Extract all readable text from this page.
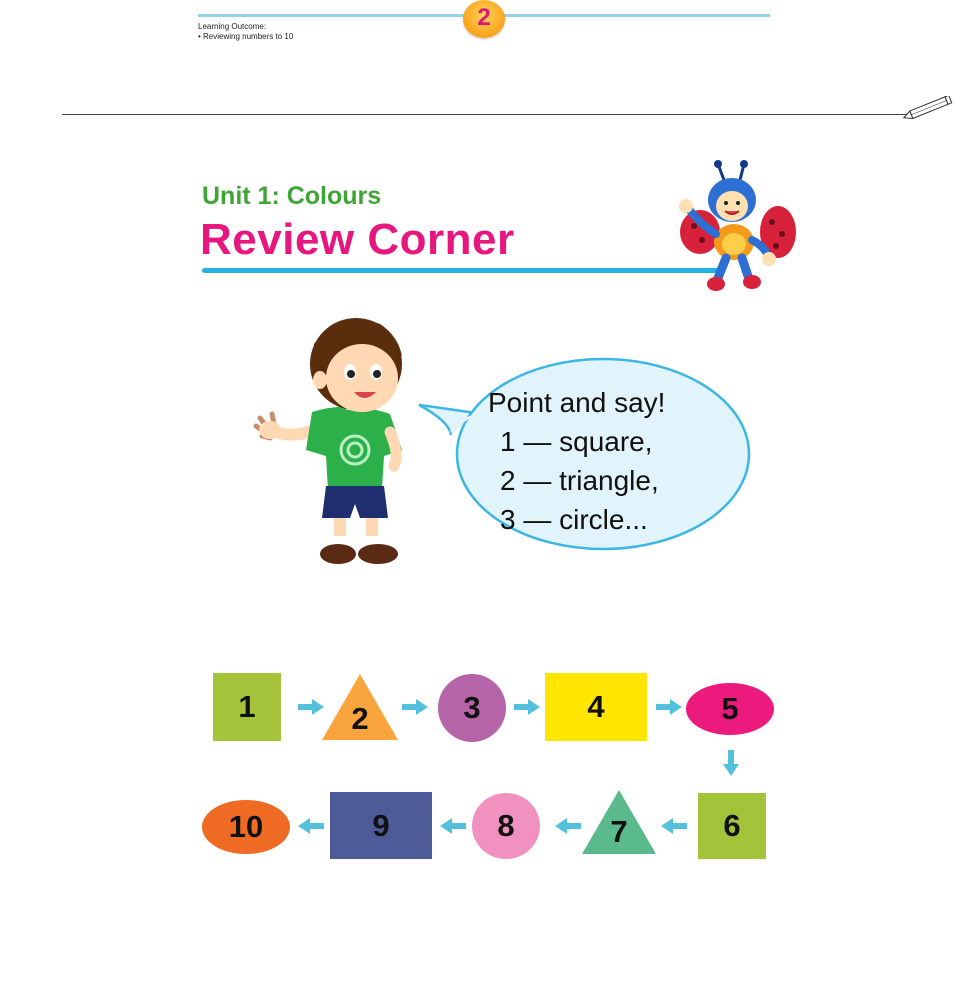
2
Learning Outcome:
• Reviewing numbers to 10
Unit 1: Colours
Review Corner
Point and say!
1 — square,
2 — triangle,
3 — circle...
1	2	3	4	5
6
7
8
9
10
